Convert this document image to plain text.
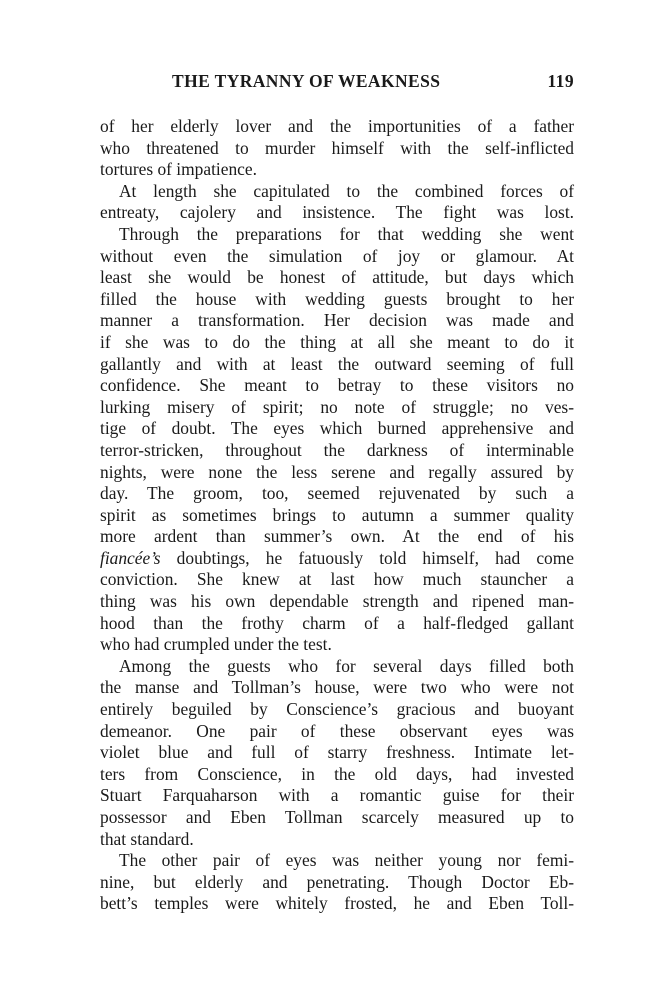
THE TYRANNY OF WEAKNESS	119
of her elderly lover and the importunities of a father
who threatened to murder himself with the self-inflicted
tortures of impatience.
At length she capitulated to the combined forces of
entreaty, cajolery and insistence. The fight was lost.
Through the preparations for that wedding she went
without even the simulation of joy or glamour. At
least she would be honest of attitude, but days which
filled the house with wedding guests brought to her
manner a transformation. Her decision was made and
if she was to do the thing at all she meant to do it
gallantly and with at least the outward seeming of full
confidence. She meant to betray to these visitors no
lurking misery of spirit; no note of struggle; no ves-
tige of doubt. The eyes which burned apprehensive and
terror-stricken, throughout the darkness of interminable
nights, were none the less serene and regally assured by
day. The groom, too, seemed rejuvenated by such a
spirit as sometimes brings to autumn a summer quality
more ardent than summer’s own. At the end of his
fiancée’s doubtings, he fatuously told himself, had come
conviction. She knew at last how much stauncher a
thing was his own dependable strength and ripened man-
hood than the frothy charm of a half-fledged gallant
who had crumpled under the test.
Among the guests who for several days filled both
the manse and Tollman’s house, were two who were not
entirely beguiled by Conscience’s gracious and buoyant
demeanor. One pair of these observant eyes was
violet blue and full of starry freshness. Intimate let-
ters from Conscience, in the old days, had invested
Stuart Farquaharson with a romantic guise for their
possessor and Eben Tollman scarcely measured up to
that standard.
The other pair of eyes was neither young nor femi-
nine, but elderly and penetrating. Though Doctor Eb-
bett’s temples were whitely frosted, he and Eben Toll-
